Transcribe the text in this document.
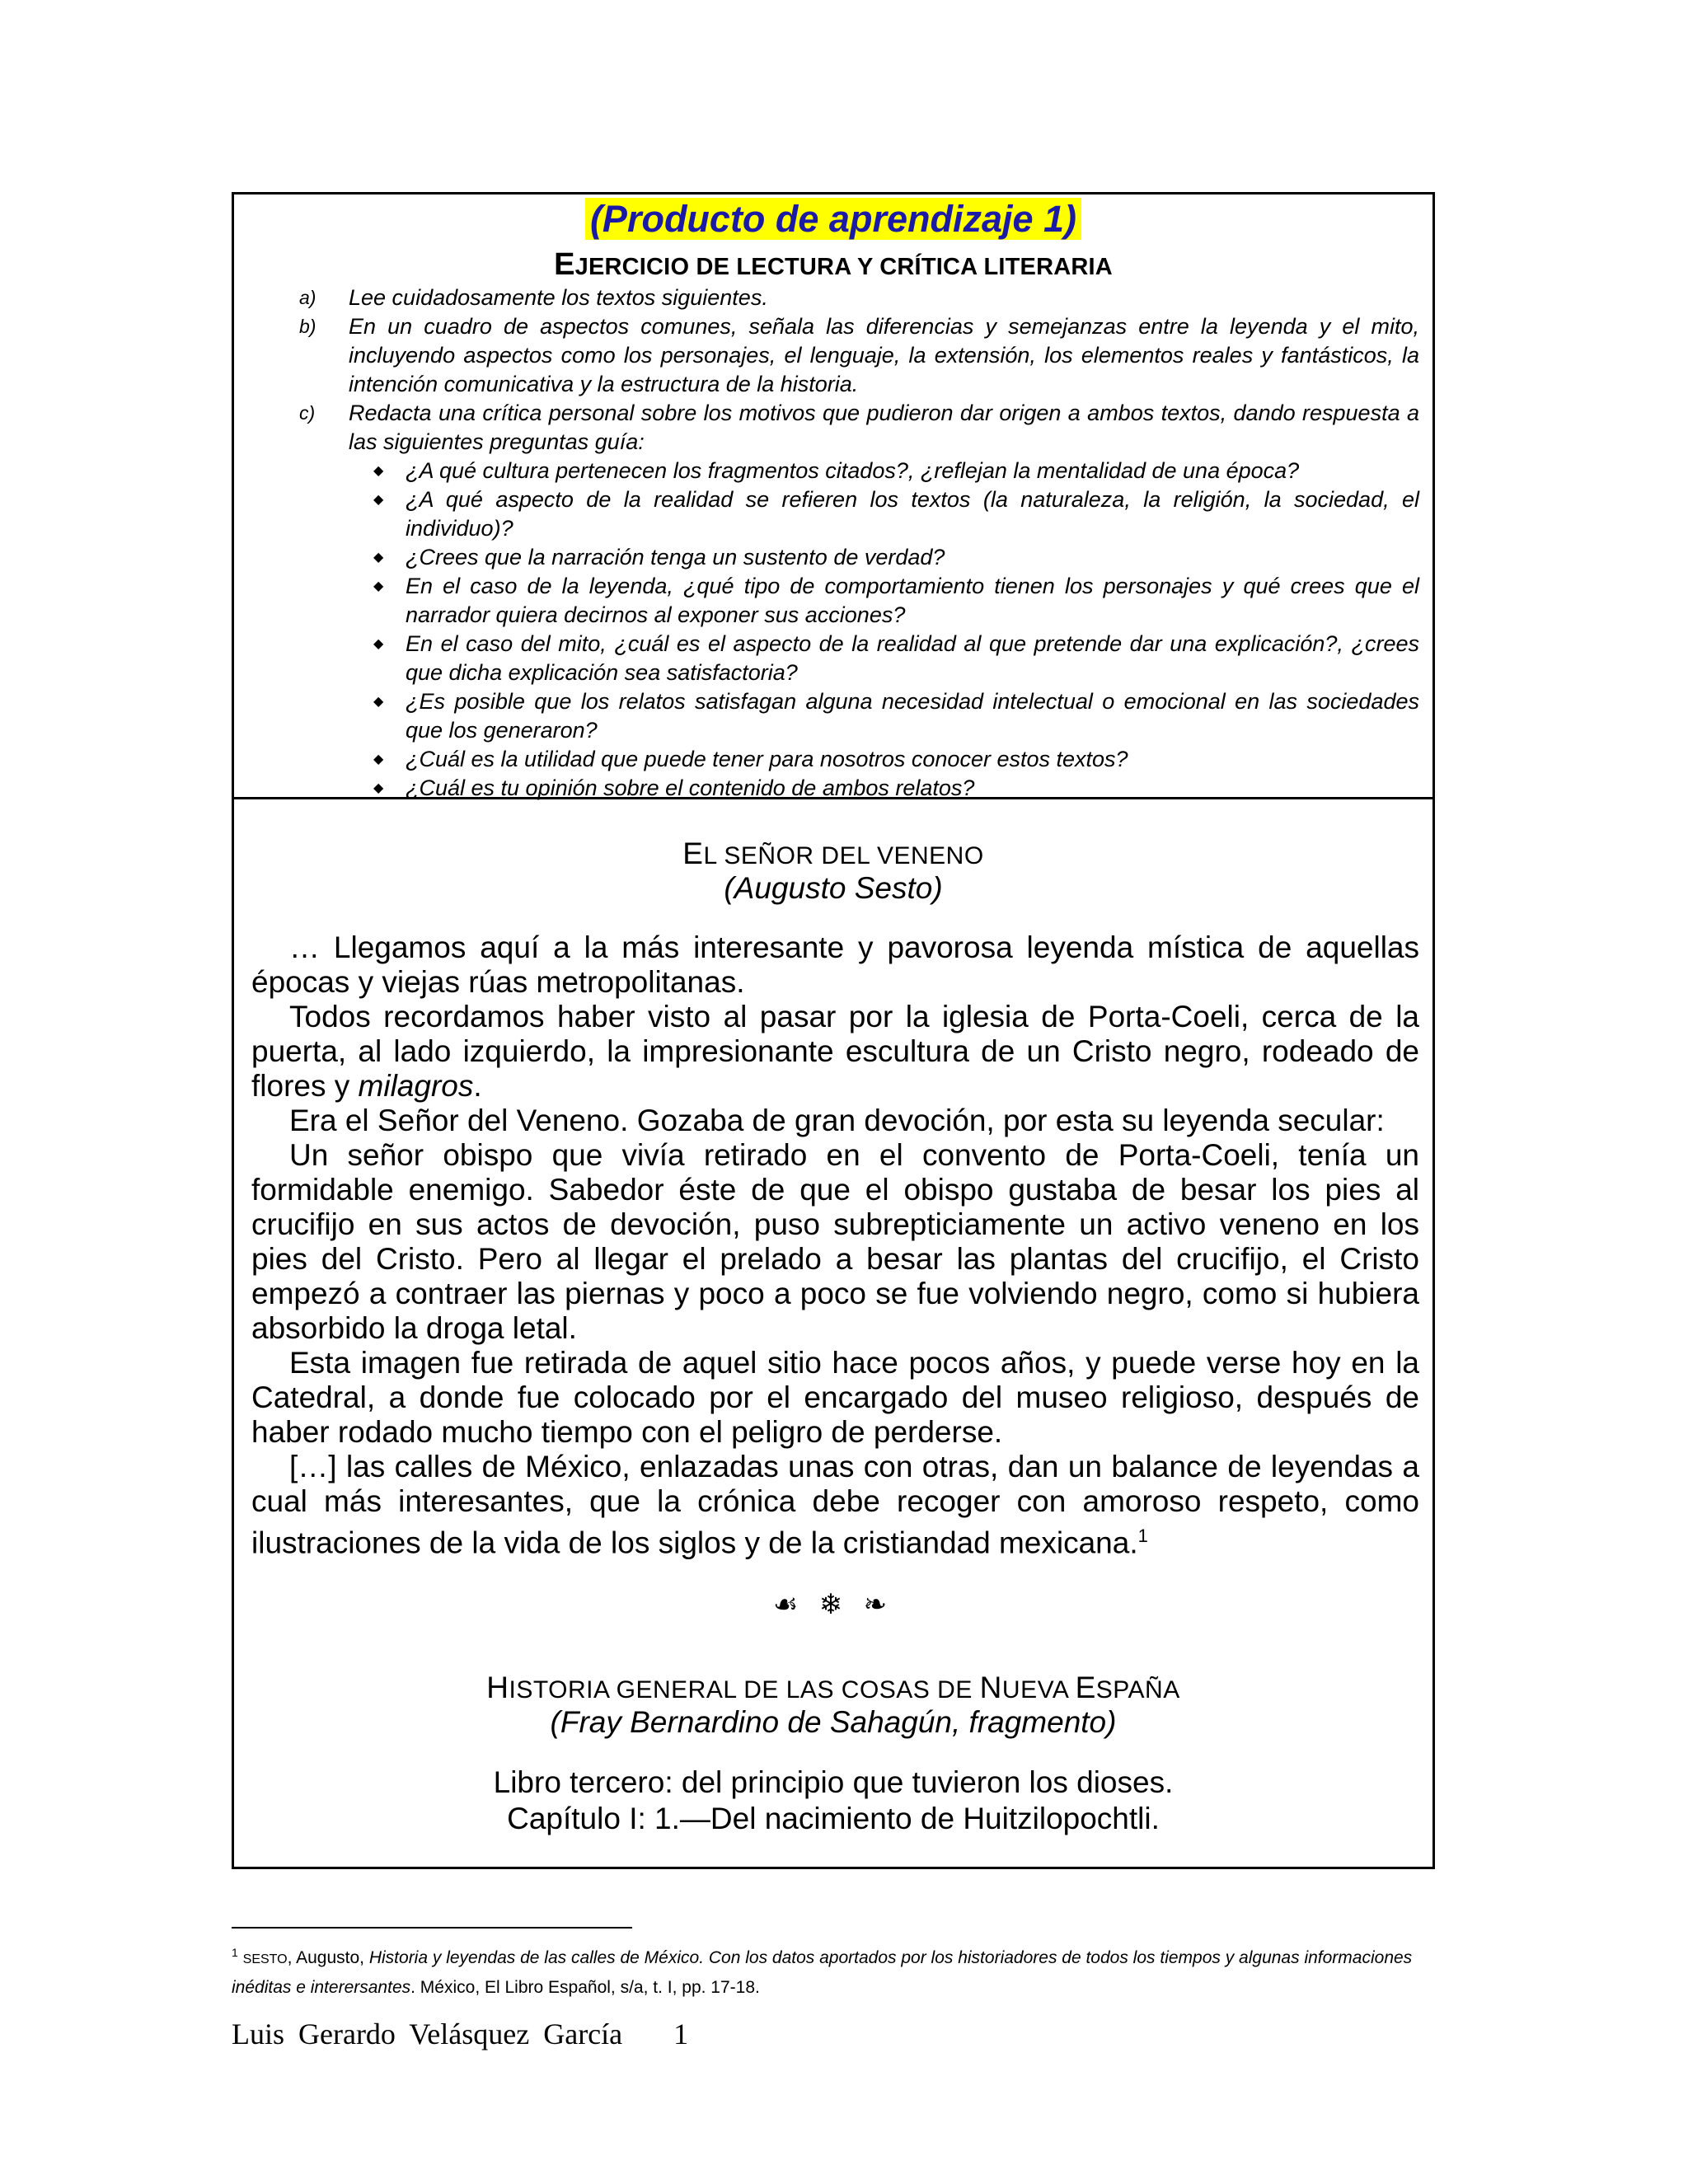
(Producto de aprendizaje 1)
EJERCICIO DE LECTURA Y CRÍTICA LITERARIA
a) Lee cuidadosamente los textos siguientes.
b) En un cuadro de aspectos comunes, señala las diferencias y semejanzas entre la leyenda y el mito, incluyendo aspectos como los personajes, el lenguaje, la extensión, los elementos reales y fantásticos, la intención comunicativa y la estructura de la historia.
c) Redacta una crítica personal sobre los motivos que pudieron dar origen a ambos textos, dando respuesta a las siguientes preguntas guía:
◆ ¿A qué cultura pertenecen los fragmentos citados?, ¿reflejan la mentalidad de una época?
◆ ¿A qué aspecto de la realidad se refieren los textos (la naturaleza, la religión, la sociedad, el individuo)?
◆ ¿Crees que la narración tenga un sustento de verdad?
◆ En el caso de la leyenda, ¿qué tipo de comportamiento tienen los personajes y qué crees que el narrador quiera decirnos al exponer sus acciones?
◆ En el caso del mito, ¿cuál es el aspecto de la realidad al que pretende dar una explicación?, ¿crees que dicha explicación sea satisfactoria?
◆ ¿Es posible que los relatos satisfagan alguna necesidad intelectual o emocional en las sociedades que los generaron?
◆ ¿Cuál es la utilidad que puede tener para nosotros conocer estos textos?
◆ ¿Cuál es tu opinión sobre el contenido de ambos relatos?
EL SEÑOR DEL VENENO
(Augusto Sesto)
… Llegamos aquí a la más interesante y pavorosa leyenda mística de aquellas épocas y viejas rúas metropolitanas.
Todos recordamos haber visto al pasar por la iglesia de Porta-Coeli, cerca de la puerta, al lado izquierdo, la impresionante escultura de un Cristo negro, rodeado de flores y milagros.
Era el Señor del Veneno. Gozaba de gran devoción, por esta su leyenda secular:
Un señor obispo que vivía retirado en el convento de Porta-Coeli, tenía un formidable enemigo. Sabedor éste de que el obispo gustaba de besar los pies al crucifijo en sus actos de devoción, puso subrepticiamente un activo veneno en los pies del Cristo. Pero al llegar el prelado a besar las plantas del crucifijo, el Cristo empezó a contraer las piernas y poco a poco se fue volviendo negro, como si hubiera absorbido la droga letal.
Esta imagen fue retirada de aquel sitio hace pocos años, y puede verse hoy en la Catedral, a donde fue colocado por el encargado del museo religioso, después de haber rodado mucho tiempo con el peligro de perderse.
[…] las calles de México, enlazadas unas con otras, dan un balance de leyendas a cual más interesantes, que la crónica debe recoger con amoroso respeto, como ilustraciones de la vida de los siglos y de la cristiandad mexicana.$^1$
☙ ❄ ❧
HISTORIA GENERAL DE LAS COSAS DE NUEVA ESPAÑA
(Fray Bernardino de Sahagún, fragmento)
Libro tercero: del principio que tuvieron los dioses.
Capítulo I: 1.—Del nacimiento de Huitzilopochtli.
$^1$ SESTO, Augusto, Historia y leyendas de las calles de México. Con los datos aportados por los historiadores de todos los tiempos y algunas informaciones inéditas e interersantes. México, El Libro Español, s/a, t. I, pp. 17-18.
Luis Gerardo Velásquez García 1
